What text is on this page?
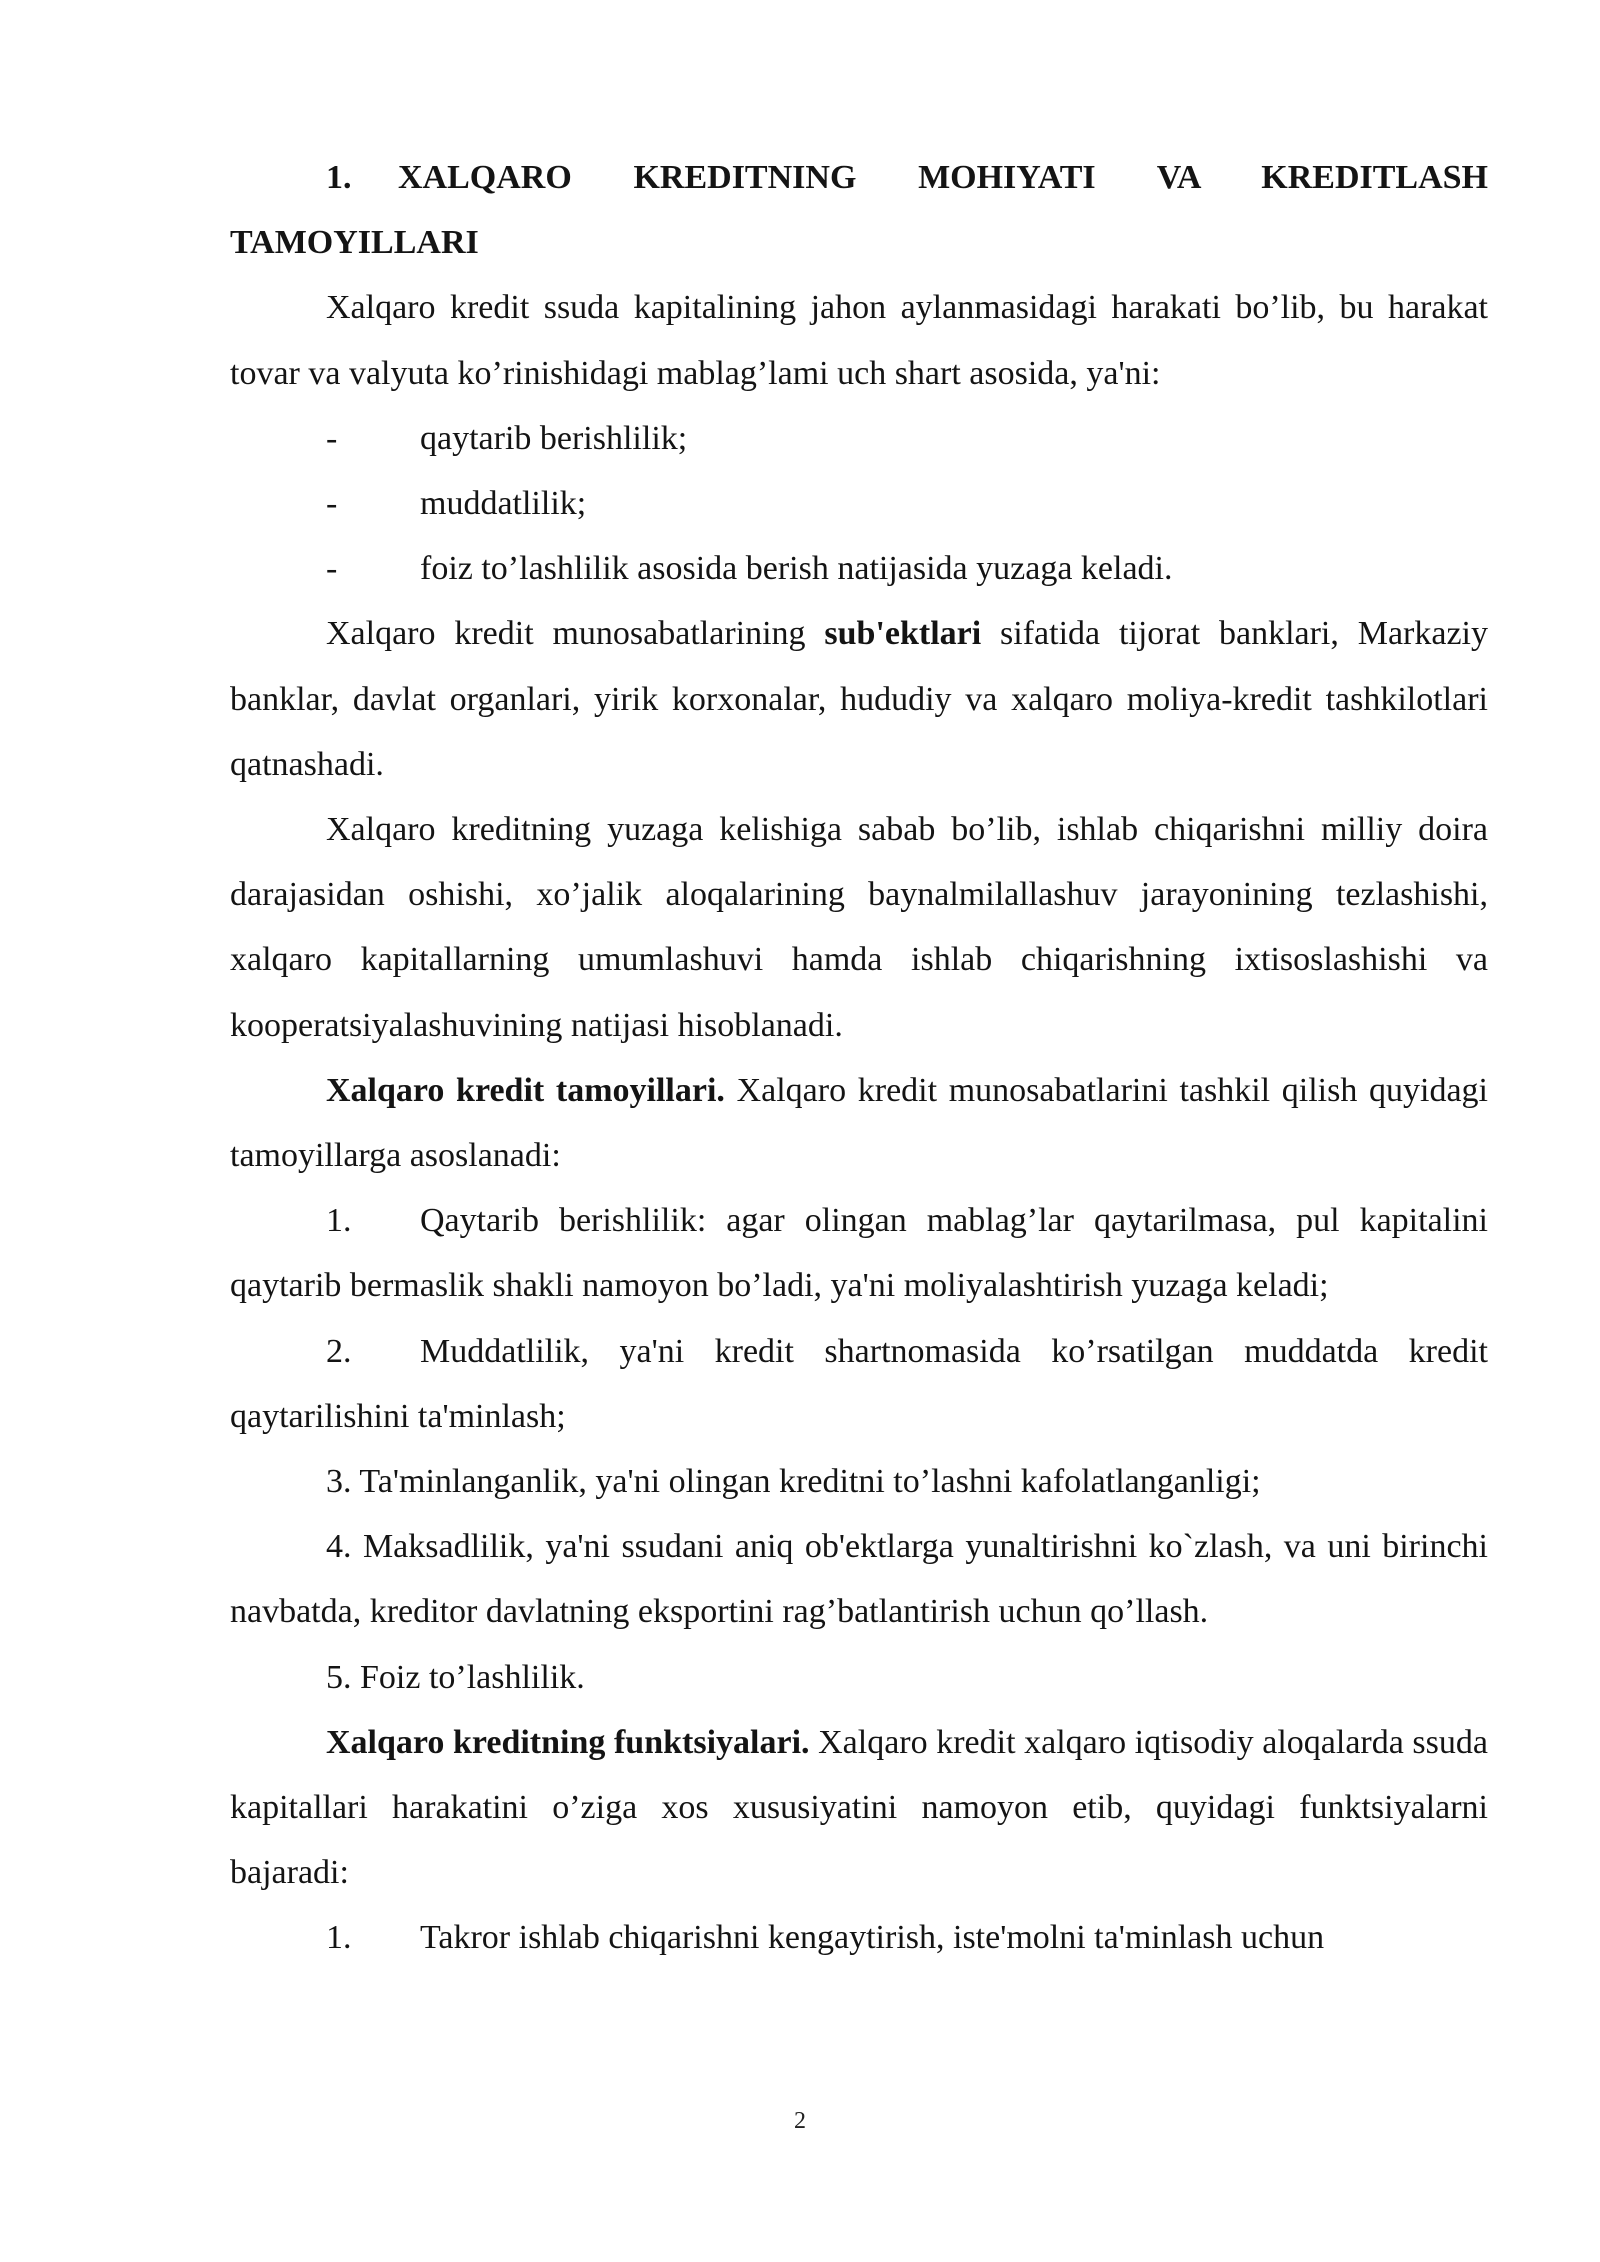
1. XALQARO KREDITNING MOHIYATI VA KREDITLASH TAMOYILLARI

Xalqaro kredit ssuda kapitalining jahon aylanmasidagi harakati bo’lib, bu harakat tovar va valyuta ko’rinishidagi mablag’lami uch shart asosida, ya'ni:

- qaytarib berishlilik;

- muddatlilik;

- foiz to’lashlilik asosida berish natijasida yuzaga keladi.

Xalqaro kredit munosabatlarining sub'ektlari sifatida tijorat banklari, Markaziy banklar, davlat organlari, yirik korxonalar, hududiy va xalqaro moliya-kredit tashkilotlari qatnashadi.

Xalqaro kreditning yuzaga kelishiga sabab bo’lib, ishlab chiqarishni milliy doira darajasidan oshishi, xo’jalik aloqalarining baynalmilallashuv jarayonining tezlashishi, xalqaro kapitallarning umumlashuvi hamda ishlab chiqarishning ixtisoslashishi va kooperatsiyalashuvining natijasi hisoblanadi.

Xalqaro kredit tamoyillari. Xalqaro kredit munosabatlarini tashkil qilish quyidagi tamoyillarga asoslanadi:

1. Qaytarib berishlilik: agar olingan mablag’lar qaytarilmasa, pul kapitalini qaytarib bermaslik shakli namoyon bo’ladi, ya'ni moliyalashtirish yuzaga keladi;

2. Muddatlilik, ya'ni kredit shartnomasida ko’rsatilgan muddatda kredit qaytarilishini ta'minlash;

3. Ta'minlanganlik, ya'ni olingan kreditni to’lashni kafolatlanganligi;

4. Maksadlilik, ya'ni ssudani aniq ob'ektlarga yunaltirishni ko`zlash, va uni birinchi navbatda, kreditor davlatning eksportini rag’batlantirish uchun qo’llash.

5. Foiz to’lashlilik.

Xalqaro kreditning funktsiyalari. Xalqaro kredit xalqaro iqtisodiy aloqalarda ssuda kapitallari harakatini o’ziga xos xususiyatini namoyon etib, quyidagi funktsiyalarni bajaradi:

1. Takror ishlab chiqarishni kengaytirish, iste'molni ta'minlash uchun

2
